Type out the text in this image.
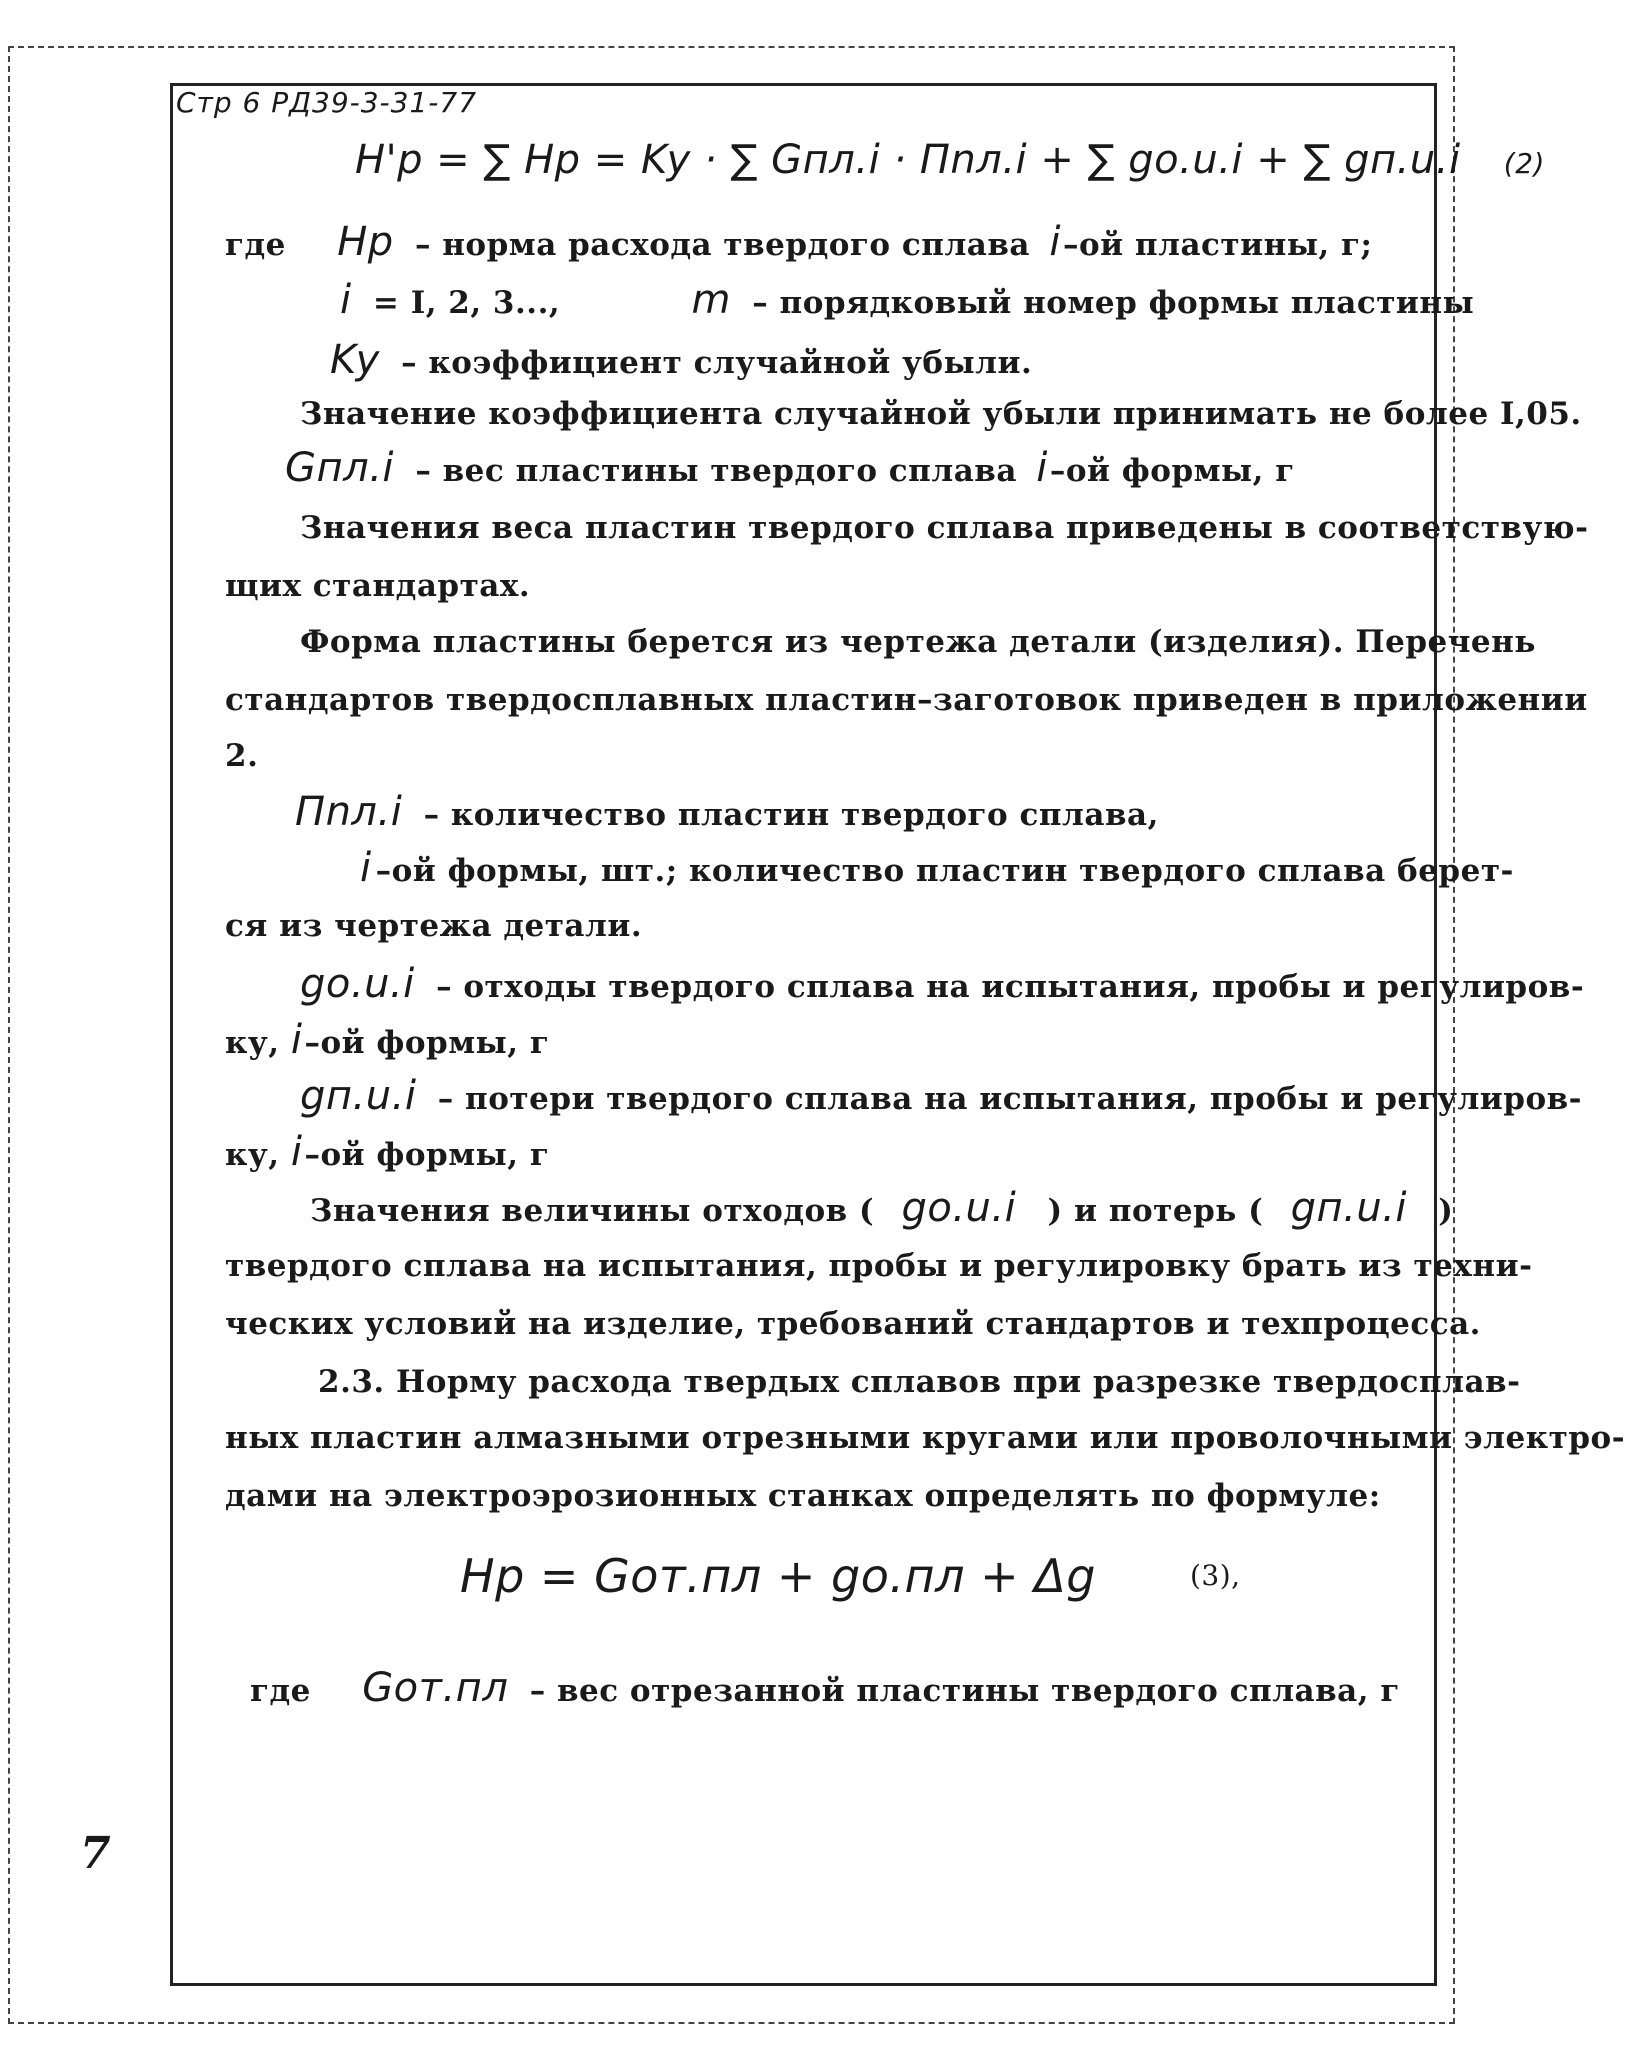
Стр 6 РД39-3-31-77
H'p = ∑ Hp = Ky · ∑ Gпл.i · Пnл.i + ∑ gо.u.i + ∑ gп.u.i (2)
где Hp – норма расхода твердого сплава i–ой пластины, г;
i = I, 2, 3...,	m – порядковый номер формы пластины
Ky – коэффициент случайной убыли.
Значение коэффициента случайной убыли принимать не более I,05.
Gпл.i – вес пластины твердого сплава i–ой формы, г
Значения веса пластин твердого сплава приведены в соответствую-
щих стандартах.
Форма пластины берется из чертежа детали (изделия). Перечень
стандартов твердосплавных пластин–заготовок приведен в приложении
2.
Пnл.i – количество пластин твердого сплава,
i –ой формы, шт.; количество пластин твердого сплава берет-
ся из чертежа детали.
gо.u.i – отходы твердого сплава на испытания, пробы и регулиров-
ку, i–ой формы, г
gп.u.i – потери твердого сплава на испытания, пробы и регулиров-
ку, i–ой формы, г
Значения величины отходов ( gо.u.i ) и потерь ( gп.u.i )
твердого сплава на испытания, пробы и регулировку брать из техни-
ческих условий на изделие, требований стандартов и техпроцесса.
2.3. Норму расхода твердых сплавов при разрезке твердосплав-
ных пластин алмазными отрезными кругами или проволочными электро-
дами на электроэрозионных станках определять по формуле:
Hp = Gот.пл + gо.пл + Δg	(3),
где Gот.пл – вес отрезанной пластины твердого сплава, г
7
